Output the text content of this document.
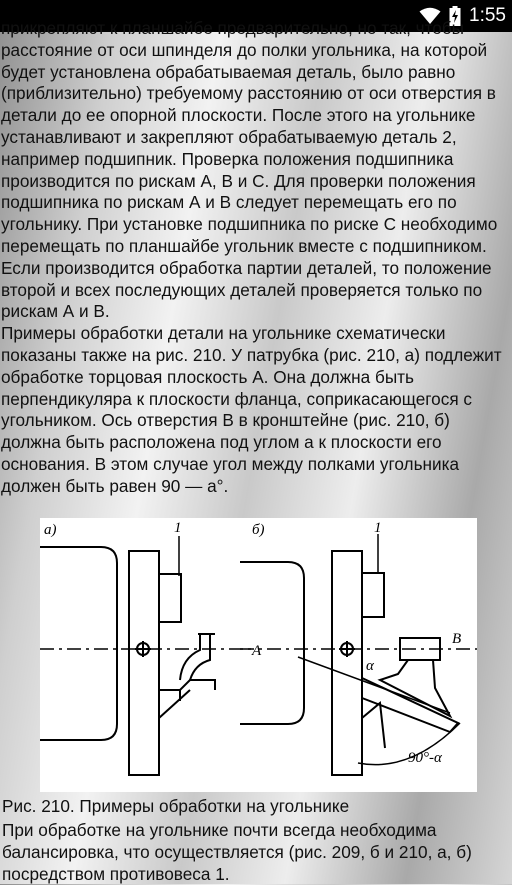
1:55

прикрепляют к планшайбе предварительно, но так, чтобы расстояние от оси шпинделя до полки угольника, на которой будет установлена обрабатываемая деталь, было равно (приблизительно) требуемому расстоянию от оси отверстия в детали до ее опорной плоскости. После этого на угольнике устанавливают и закрепляют обрабатываемую деталь 2, например подшипник. Проверка положения подшипника производится по рискам А, В и С. Для проверки положения подшипника по рискам А и В следует перемещать его по угольнику. При установке подшипника по риске С необходимо перемещать по планшайбе угольник вместе с подшипником. Если производится обработка партии деталей, то положение второй и всех последующих деталей проверяется только по рискам А и В.

Примеры обработки детали на угольнике схематически показаны также на рис. 210. У патрубка (рис. 210, а) подлежит обработке торцовая плоскость А. Она должна быть перпендикуляра к плоскости фланца, соприкасающегося с угольником. Ось отверстия В в кронштейне (рис. 210, б) должна быть расположена под углом а к плоскости его основания. В этом случае угол между полками угольника должен быть равен 90 — а°.

а)	б)
1	1
А
В
α
90°-α

Рис. 210. Примеры обработки на угольнике

При обработке на угольнике почти всегда необходима балансировка, что осуществляется (рис. 209, б и 210, а, б) посредством противовеса 1.
